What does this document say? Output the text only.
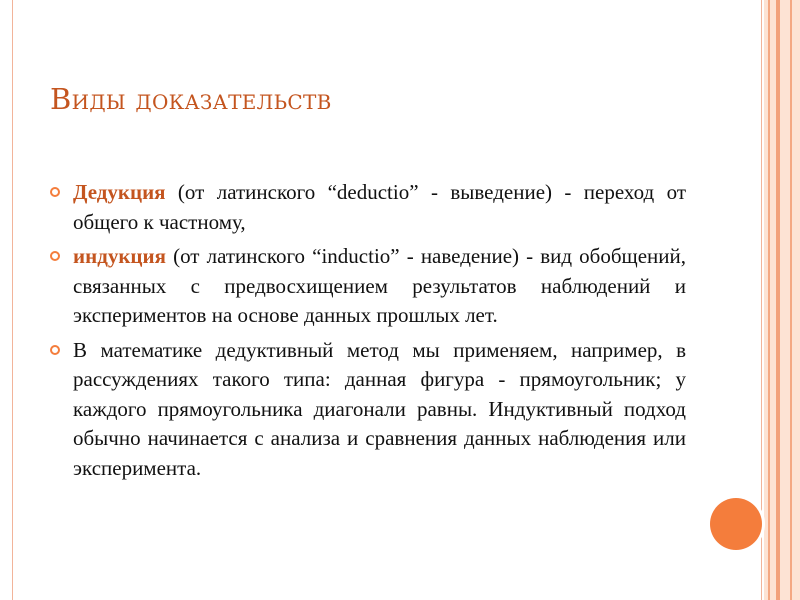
Виды доказательств
Дедукция (от латинского “deductio” - выведение) - переход от общего к частному,
индукция (от латинского “inductio” - наведение) - вид обобщений, связанных с предвосхищением результатов наблюдений и экспериментов на основе данных прошлых лет.
В математике дедуктивный метод мы применяем, например, в рассуждениях такого типа: данная фигура - прямоугольник; у каждого прямоугольника диагонали равны. Индуктивный подход обычно начинается с анализа и сравнения данных наблюдения или эксперимента.
